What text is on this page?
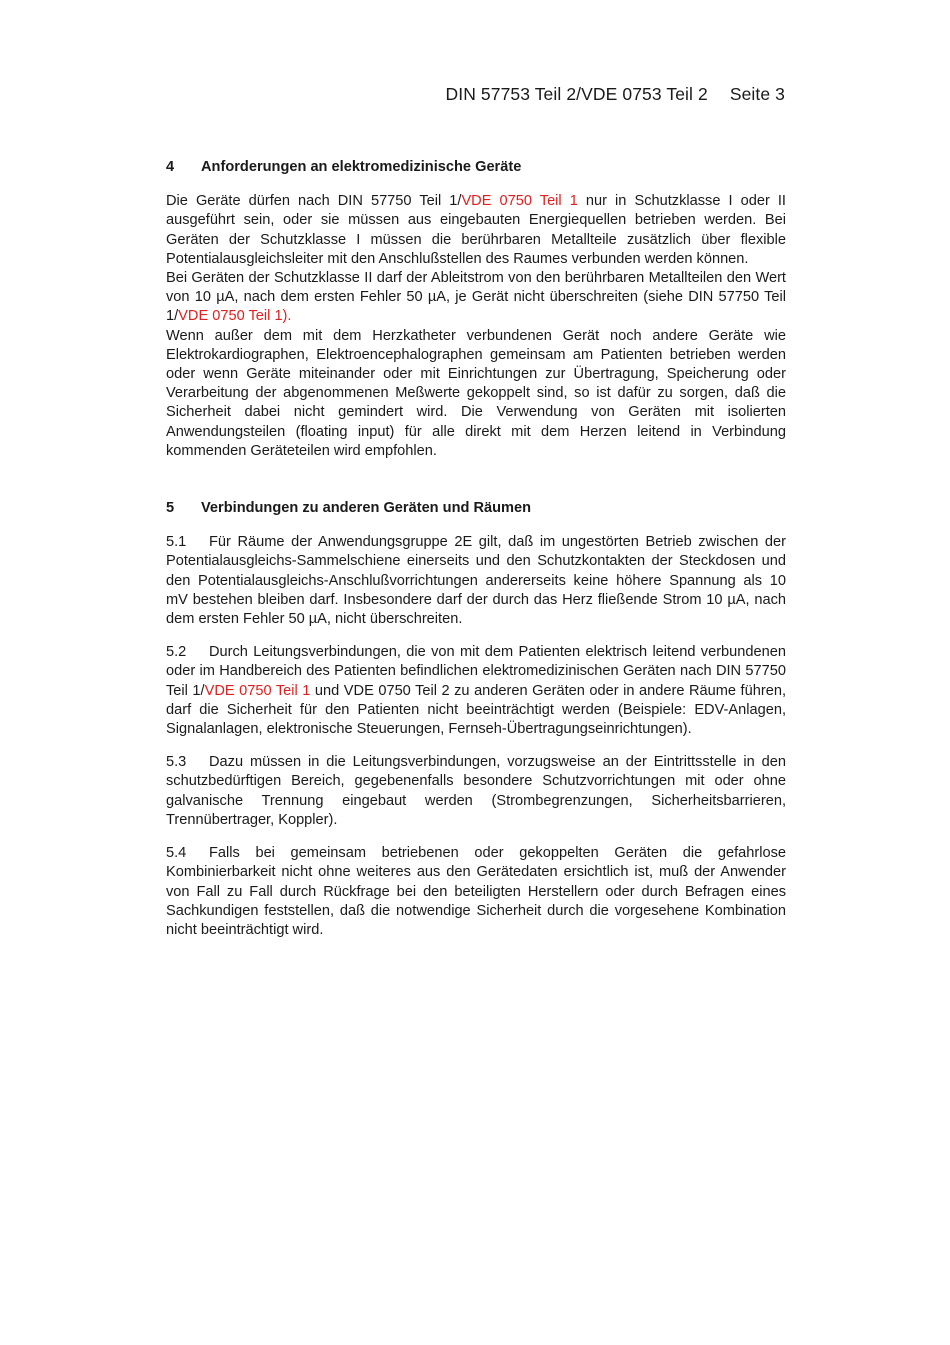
DIN 57753 Teil 2/VDE 0753 Teil 2 Seite 3
4	Anforderungen an elektromedizinische Geräte

Die Geräte dürfen nach DIN 57750 Teil 1/VDE 0750 Teil 1 nur in Schutzklasse I oder II ausgeführt sein, oder sie müssen aus eingebauten Energiequellen betrieben werden. Bei Geräten der Schutzklasse I müssen die berührbaren Metallteile zusätzlich über flexible Potentialausgleichsleiter mit den Anschlußstellen des Raumes verbunden werden können.

Bei Geräten der Schutzklasse II darf der Ableitstrom von den berührbaren Metallteilen den Wert von 10 µA, nach dem ersten Fehler 50 µA, je Gerät nicht überschreiten (siehe DIN 57750 Teil 1/VDE 0750 Teil 1).

Wenn außer dem mit dem Herzkatheter verbundenen Gerät noch andere Geräte wie Elektrokardiographen, Elektroencephalographen gemeinsam am Patienten betrieben werden oder wenn Geräte miteinander oder mit Einrichtungen zur Übertragung, Speicherung oder Verarbeitung der abgenommenen Meßwerte gekoppelt sind, so ist dafür zu sorgen, daß die Sicherheit dabei nicht gemindert wird. Die Verwendung von Geräten mit isolierten Anwendungsteilen (floating input) für alle direkt mit dem Herzen leitend in Verbindung kommenden Geräteteilen wird empfohlen.

5	Verbindungen zu anderen Geräten und Räumen

5.1 Für Räume der Anwendungsgruppe 2E gilt, daß im ungestörten Betrieb zwischen der Potentialausgleichs-Sammelschiene einerseits und den Schutzkontakten der Steckdosen und den Potentialausgleichs-Anschlußvorrichtungen andererseits keine höhere Spannung als 10 mV bestehen bleiben darf. Insbesondere darf der durch das Herz fließende Strom 10 µA, nach dem ersten Fehler 50 µA, nicht überschreiten.

5.2 Durch Leitungsverbindungen, die von mit dem Patienten elektrisch leitend verbundenen oder im Handbereich des Patienten befindlichen elektromedizinischen Geräten nach DIN 57750 Teil 1/VDE 0750 Teil 1 und VDE 0750 Teil 2 zu anderen Geräten oder in andere Räume führen, darf die Sicherheit für den Patienten nicht beeinträchtigt werden (Beispiele: EDV-Anlagen, Signalanlagen, elektronische Steuerungen, Fernseh-Übertragungseinrichtungen).

5.3 Dazu müssen in die Leitungsverbindungen, vorzugsweise an der Eintrittsstelle in den schutzbedürftigen Bereich, gegebenenfalls besondere Schutzvorrichtungen mit oder ohne galvanische Trennung eingebaut werden (Strombegrenzungen, Sicherheitsbarrieren, Trennübertrager, Koppler).

5.4 Falls bei gemeinsam betriebenen oder gekoppelten Geräten die gefahrlose Kombinierbarkeit nicht ohne weiteres aus den Gerätedaten ersichtlich ist, muß der Anwender von Fall zu Fall durch Rückfrage bei den beteiligten Herstellern oder durch Befragen eines Sachkundigen feststellen, daß die notwendige Sicherheit durch die vorgesehene Kombination nicht beeinträchtigt wird.
